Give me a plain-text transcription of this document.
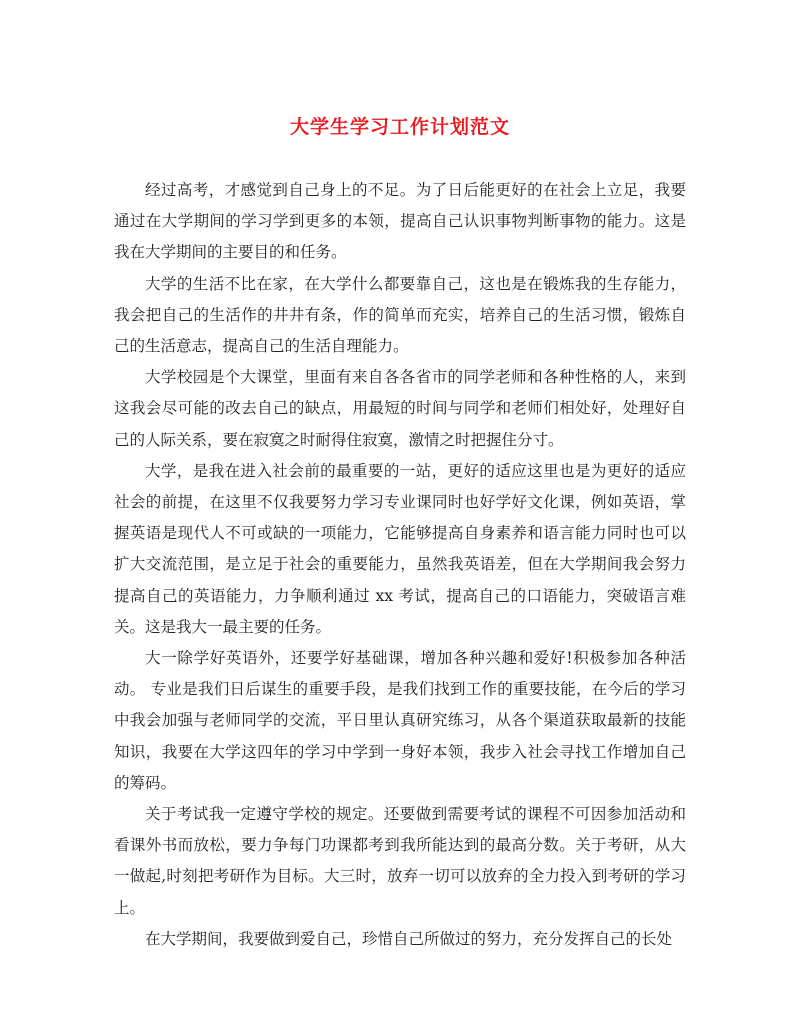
大学生学习工作计划范文

经过高考，才感觉到自己身上的不足。为了日后能更好的在社会上立足，我要通过在大学期间的学习学到更多的本领，提高自己认识事物判断事物的能力。这是我在大学期间的主要目的和任务。

大学的生活不比在家，在大学什么都要靠自己，这也是在锻炼我的生存能力，我会把自己的生活作的井井有条，作的简单而充实，培养自己的生活习惯，锻炼自己的生活意志，提高自己的生活自理能力。

大学校园是个大课堂，里面有来自各各省市的同学老师和各种性格的人，来到这我会尽可能的改去自己的缺点，用最短的时间与同学和老师们相处好，处理好自己的人际关系，要在寂寞之时耐得住寂寞，激情之时把握住分寸。

大学，是我在进入社会前的最重要的一站，更好的适应这里也是为更好的适应社会的前提，在这里不仅我要努力学习专业课同时也好学好文化课，例如英语，掌握英语是现代人不可或缺的一项能力，它能够提高自身素养和语言能力同时也可以扩大交流范围，是立足于社会的重要能力，虽然我英语差，但在大学期间我会努力提高自己的英语能力，力争顺利通过 xx 考试，提高自己的口语能力，突破语言难关。这是我大一最主要的任务。

大一除学好英语外，还要学好基础课，增加各种兴趣和爱好!积极参加各种活动。 专业是我们日后谋生的重要手段，是我们找到工作的重要技能，在今后的学习中我会加强与老师同学的交流，平日里认真研究练习，从各个渠道获取最新的技能知识，我要在大学这四年的学习中学到一身好本领，我步入社会寻找工作增加自己的筹码。

关于考试我一定遵守学校的规定。还要做到需要考试的课程不可因参加活动和看课外书而放松，要力争每门功课都考到我所能达到的最高分数。关于考研，从大一做起,时刻把考研作为目标。大三时，放弃一切可以放弃的全力投入到考研的学习上。

在大学期间，我要做到爱自己，珍惜自己所做过的努力，充分发挥自己的长处
